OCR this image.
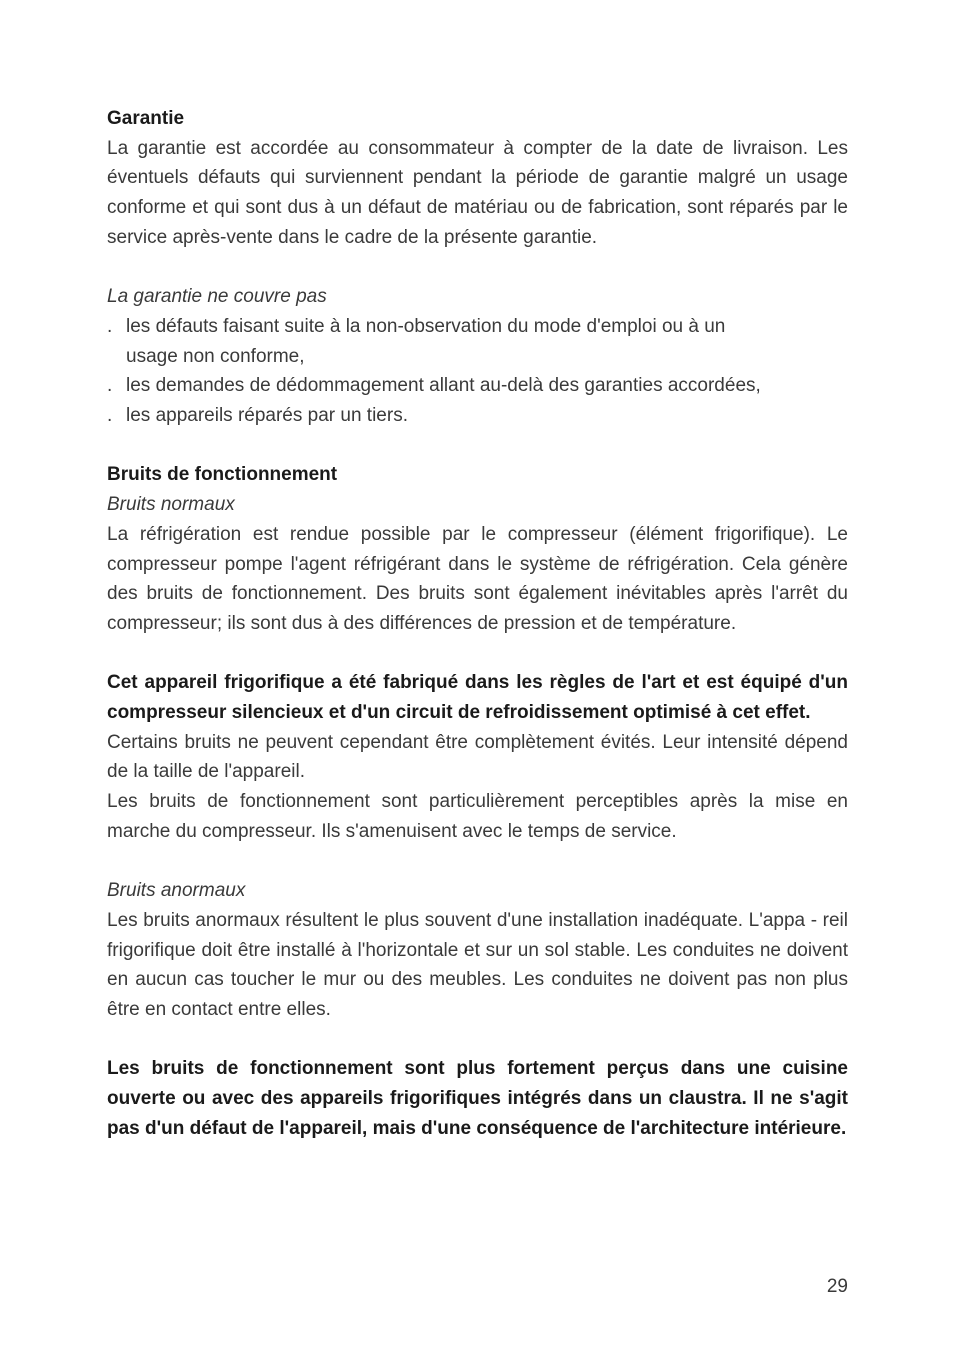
Garantie

La garantie est accordée au consommateur à compter de la date de livraison. Les éventuels défauts qui surviennent pendant la période de garantie malgré un usage conforme et qui sont dus à un défaut de matériau ou de fabrication, sont réparés par le service après-vente dans le cadre de la présente garantie.

La garantie ne couvre pas

. les défauts faisant suite à la non-observation du mode d'emploi ou à un usage non conforme,
. les demandes de dédommagement allant au-delà des garanties accordées,
. les appareils réparés par un tiers.

Bruits de fonctionnement

Bruits normaux

La réfrigération est rendue possible par le compresseur (élément frigorifique). Le compresseur pompe l'agent réfrigérant dans le système de réfrigération. Cela génère des bruits de fonctionnement. Des bruits sont également inévitables après l'arrêt du compresseur; ils sont dus à des différences de pression et de température.

Cet appareil frigorifique a été fabriqué dans les règles de l'art et est équipé d'un compresseur silencieux et d'un circuit de refroidissement optimisé à cet effet.

Certains bruits ne peuvent cependant être complètement évités. Leur intensité dépend de la taille de l'appareil.

Les bruits de fonctionnement sont particulièrement perceptibles après la mise en marche du compresseur. Ils s'amenuisent avec le temps de service.

Bruits anormaux

Les bruits anormaux résultent le plus souvent d'une installation inadéquate. L'appa - reil frigorifique doit être installé à l'horizontale et sur un sol stable. Les conduites ne doivent en aucun cas toucher le mur ou des meubles. Les conduites ne doivent pas non plus être en contact entre elles.

Les bruits de fonctionnement sont plus fortement perçus dans une cuisine ouverte ou avec des appareils frigorifiques intégrés dans un claustra. Il ne s'agit pas d'un défaut de l'appareil, mais d'une conséquence de l'architecture intérieure.

29
